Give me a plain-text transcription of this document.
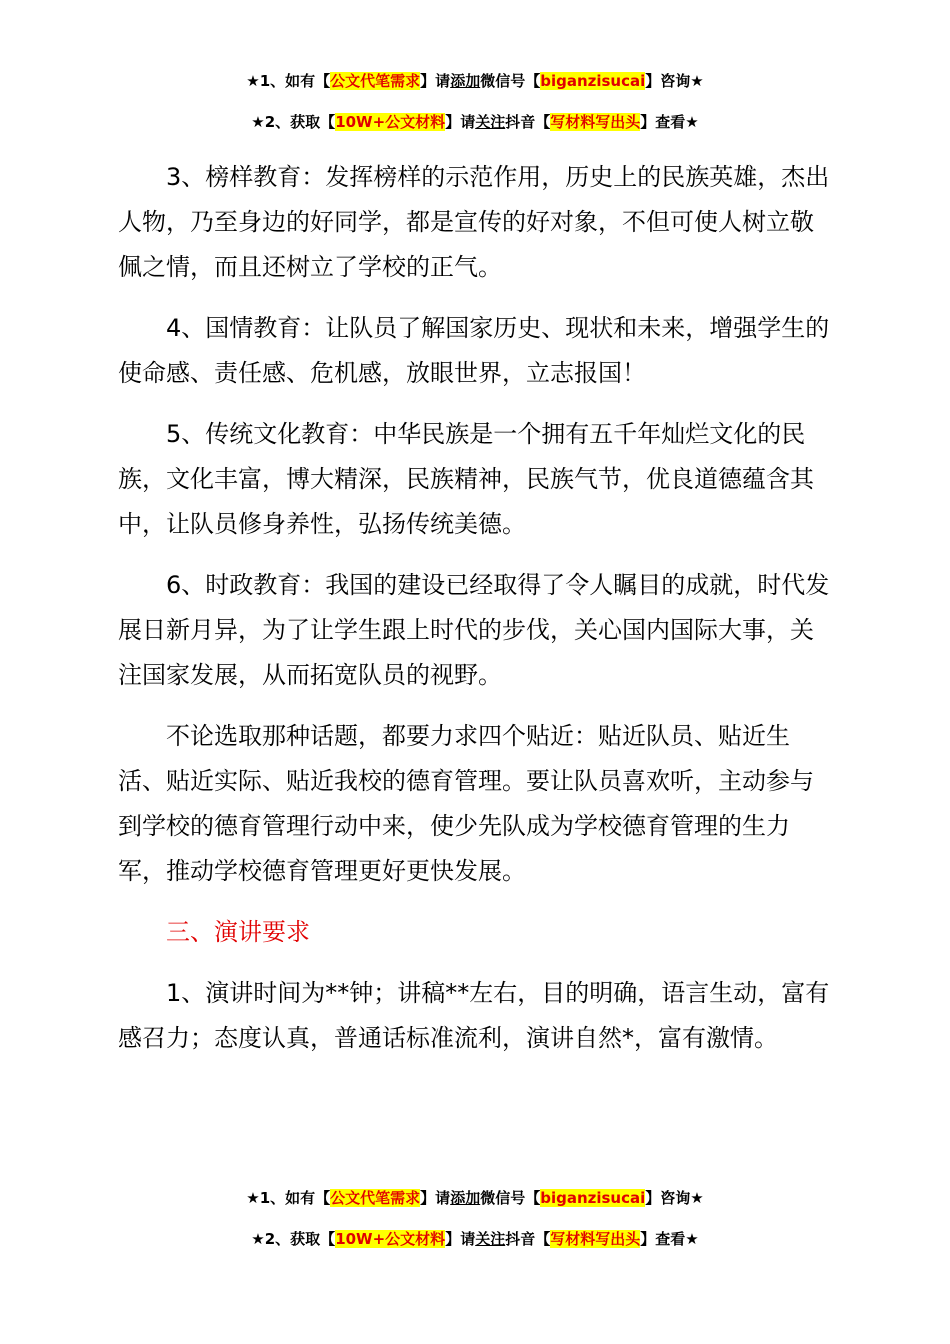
★1、如有【公文代笔需求】请添加微信号【biganzisucai】咨询★
★2、获取【10W+公文材料】请关注抖音【写材料写出头】查看★

3、榜样教育：发挥榜样的示范作用，历史上的民族英雄，杰出人物，乃至身边的好同学，都是宣传的好对象，不但可使人树立敬佩之情，而且还树立了学校的正气。

4、国情教育：让队员了解国家历史、现状和未来，增强学生的使命感、责任感、危机感，放眼世界，立志报国！

5、传统文化教育：中华民族是一个拥有五千年灿烂文化的民族，文化丰富，博大精深，民族精神，民族气节，优良道德蕴含其中，让队员修身养性，弘扬传统美德。

6、时政教育：我国的建设已经取得了令人瞩目的成就，时代发展日新月异，为了让学生跟上时代的步伐，关心国内国际大事，关注国家发展，从而拓宽队员的视野。

不论选取那种话题，都要力求四个贴近：贴近队员、贴近生活、贴近实际、贴近我校的德育管理。要让队员喜欢听，主动参与到学校的德育管理行动中来，使少先队成为学校德育管理的生力军，推动学校德育管理更好更快发展。

三、演讲要求

1、演讲时间为**钟；讲稿**左右，目的明确，语言生动，富有感召力；态度认真，普通话标准流利，演讲自然*，富有激情。

★1、如有【公文代笔需求】请添加微信号【biganzisucai】咨询★
★2、获取【10W+公文材料】请关注抖音【写材料写出头】查看★
